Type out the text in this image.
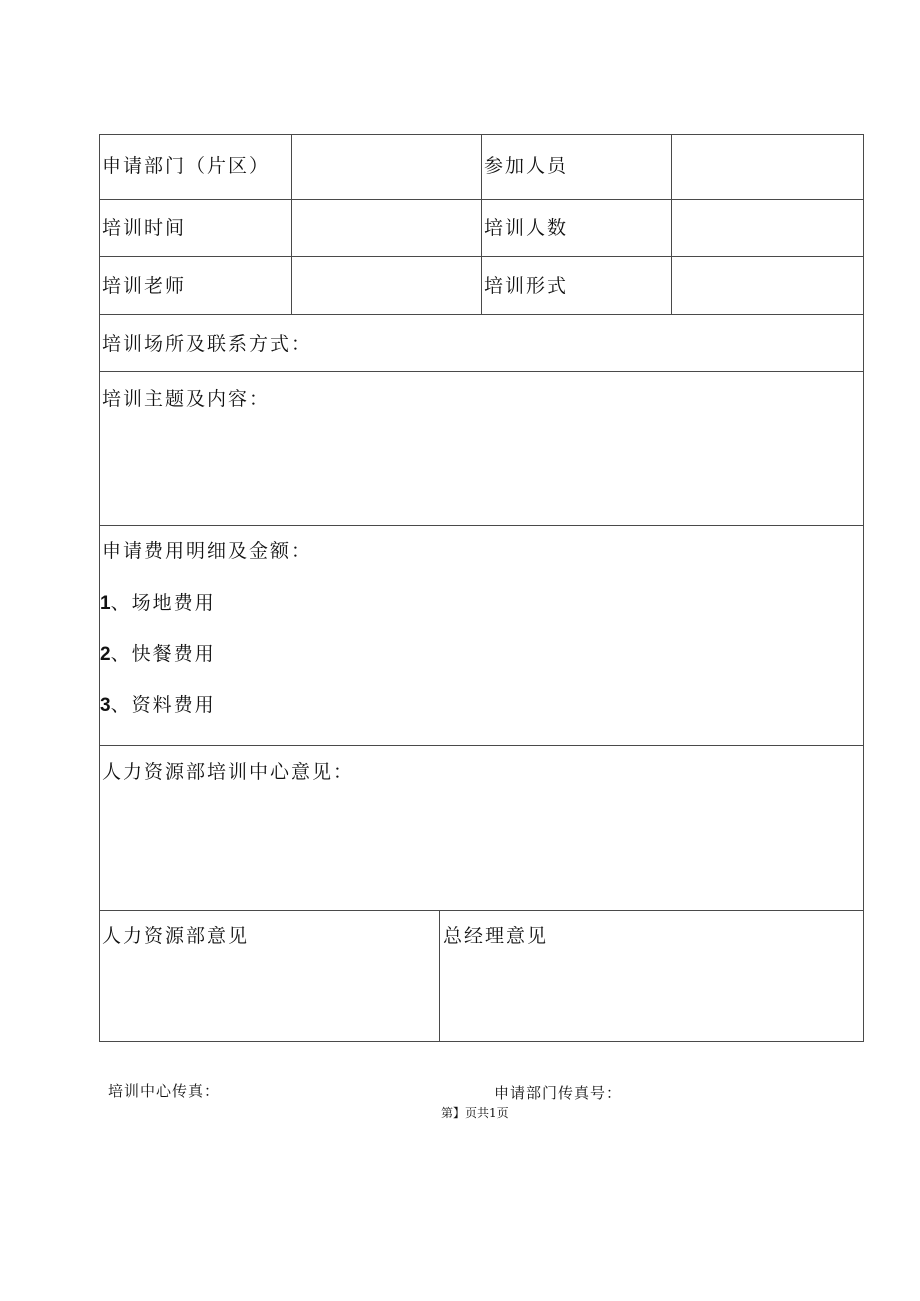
申请部门（片区）	参加人员
培训时间	培训人数
培训老师	培训形式
培训场所及联系方式：
培训主题及内容：
申请费用明细及金额：
1、场地费用
2、快餐费用
3、资料费用
人力资源部培训中心意见：
人力资源部意见	总经理意见
培训中心传真：	申请部门传真号：
第】页共1页
